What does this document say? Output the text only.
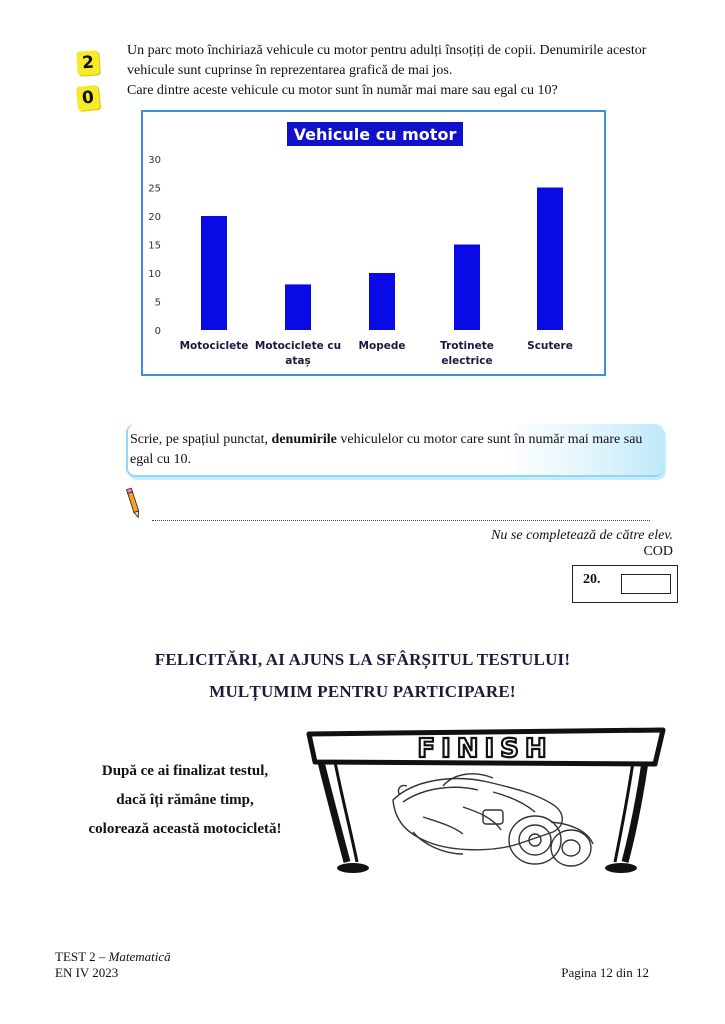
2
0

Un parc moto închiriază vehicule cu motor pentru adulți însoțiți de copii. Denumirile acestor

vehicule sunt cuprinse în reprezentarea grafică de mai jos.

Care dintre aceste vehicule cu motor sunt în număr mai mare sau egal cu 10?

Vehicule cu motor
0
5
10
15
20
25
30
Motociclete Motociclete cu
ataș
Mopede	Trotinete
electrice
Scutere
Scrie, pe spațiul punctat, denumirile vehiculelor cu motor care sunt în număr mai mare sau egal cu 10.
Nu se completează de către elev.
COD
20.
FELICITĂRI, AI AJUNS LA SFÂRȘITUL TESTULUI!
MULȚUMIM PENTRU PARTICIPARE!
După ce ai finalizat testul,
dacă îți rămâne timp,
colorează această motocicletă!
FINISH
TEST 2 – Matematică
EN IV 2023	Pagina 12 din 12
